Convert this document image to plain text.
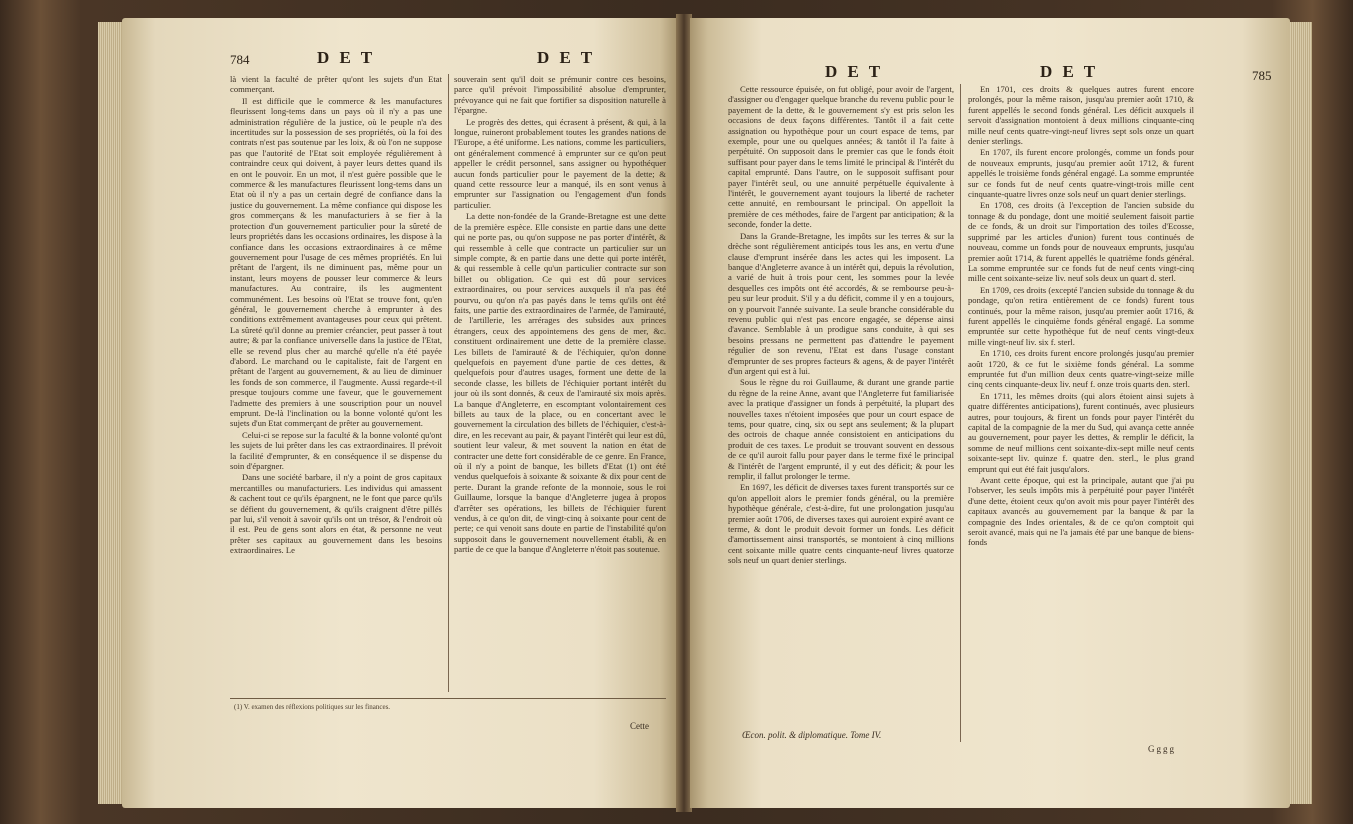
784	D E T	D E T

là vient la faculté de prêter qu'ont les sujets d'un Etat commerçant.

Il est difficile que le commerce & les manufactures fleurissent long-tems dans un pays où il n'y a pas une administration régulière de la justice, où le peuple n'a des incertitudes sur la possession de ses propriétés, où la foi des contrats n'est pas soutenue par les loix, & où l'on ne suppose pas que l'autorité de l'Etat soit employée régulièrement à contraindre ceux qui doivent, à payer leurs dettes quand ils en ont le pouvoir. En un mot, il n'est guère possible que le commerce & les manufactures fleurissent long-tems dans un Etat où il n'y a pas un certain degré de confiance dans la justice du gouvernement. La même confiance qui dispose les gros commerçans & les manufacturiers à se fier à la protection d'un gouvernement particulier pour la sûreté de leurs propriétés dans les occasions ordinaires, les dispose à la confiance dans les occasions extraordinaires à ce même gouvernement pour l'usage de ces mêmes propriétés. En lui prêtant de l'argent, ils ne diminuent pas, même pour un instant, leurs moyens de pousser leur commerce & leurs manufactures. Au contraire, ils les augmentent communément. Les besoins où l'Etat se trouve font, qu'en général, le gouvernement cherche à emprunter à des conditions extrêmement avantageuses pour ceux qui prêtent. La sûreté qu'il donne au premier créancier, peut passer à tout autre; & par la confiance universelle dans la justice de l'Etat, elle se revend plus cher au marché qu'elle n'a été payée d'abord. Le marchand ou le capitaliste, fait de l'argent en prêtant de l'argent au gouvernement, & au lieu de diminuer les fonds de son commerce, il l'augmente. Aussi regarde-t-il presque toujours comme une faveur, que le gouvernement l'admette des premiers à une souscription pour un nouvel emprunt. De-là l'inclination ou la bonne volonté qu'ont les sujets d'un Etat commerçant de prêter au gouvernement.

Celui-ci se repose sur la faculté & la bonne volonté qu'ont les sujets de lui prêter dans les cas extraordinaires. Il prévoit la facilité d'emprunter, & en conséquence il se dispense du soin d'épargner.

Dans une société barbare, il n'y a point de gros capitaux mercantilles ou manufacturiers. Les individus qui amassent & cachent tout ce qu'ils épargnent, ne le font que parce qu'ils se défient du gouvernement, & qu'ils craignent d'être pillés par lui, s'il venoit à savoir qu'ils ont un trésor, & l'endroit où il est. Peu de gens sont alors en état, & personne ne veut prêter ses capitaux au gouvernement dans les besoins extraordinaires. Le

souverain sent qu'il doit se prémunir contre ces besoins, parce qu'il prévoit l'impossibilité absolue d'emprunter, prévoyance qui ne fait que fortifier sa disposition naturelle à l'épargne.

Le progrès des dettes, qui écrasent à présent, & qui, à la longue, ruineront probablement toutes les grandes nations de l'Europe, a été uniforme. Les nations, comme les particuliers, ont généralement commencé à emprunter sur ce qu'on peut appeller le crédit personnel, sans assigner ou hypothéquer aucun fonds particulier pour le payement de la dette; & quand cette ressource leur a manqué, ils en sont venus à emprunter sur l'assignation ou l'engagement d'un fonds particulier.

La dette non-fondée de la Grande-Bretagne est une dette de la première espèce. Elle consiste en partie dans une dette qui ne porte pas, ou qu'on suppose ne pas porter d'intérêt, & qui ressemble à celle que contracte un particulier sur un simple compte, & en partie dans une dette qui porte intérêt, & qui ressemble à celle qu'un particulier contracte sur son billet ou obligation. Ce qui est dû pour services extraordinaires, ou pour services auxquels il n'a pas été pourvu, ou qu'on n'a pas payés dans le tems qu'ils ont été faits, une partie des extraordinaires de l'armée, de l'amirauté, de l'artillerie, les arrérages des subsides aux princes étrangers, ceux des appointemens des gens de mer, &c. constituent ordinairement une dette de la première classe. Les billets de l'amirauté & de l'échiquier, qu'on donne quelquefois en payement d'une partie de ces dettes, & quelquefois pour d'autres usages, forment une dette de la seconde classe, les billets de l'échiquier portant intérêt du jour où ils sont donnés, & ceux de l'amirauté six mois après. La banque d'Angleterre, en escomptant volontairement ces billets au taux de la place, ou en concertant avec le gouvernement la circulation des billets de l'échiquier, c'est-à-dire, en les recevant au pair, & payant l'intérêt qui leur est dû, soutient leur valeur, & met souvent la nation en état de contracter une dette fort considérable de ce genre. En France, où il n'y a point de banque, les billets d'Etat (1) ont été vendus quelquefois à soixante & soixante & dix pour cent de perte. Durant la grande refonte de la monnoie, sous le roi Guillaume, lorsque la banque d'Angleterre jugea à propos d'arrêter ses opérations, les billets de l'échiquier furent vendus, à ce qu'on dit, de vingt-cinq à soixante pour cent de perte; ce qui venoit sans doute en partie de l'instabilité qu'on supposoit dans le gouvernement nouvellement établi, & en partie de ce que la banque d'Angleterre n'étoit pas soutenue.

(1) V. examen des réflexions politiques sur les finances.
Cette
D E T	D E T	785

Cette ressource épuisée, on fut obligé, pour avoir de l'argent, d'assigner ou d'engager quelque branche du revenu public pour le payement de la dette, & le gouvernement s'y est pris selon les occasions de deux façons différentes. Tantôt il a fait cette assignation ou hypothèque pour un court espace de tems, par exemple, pour une ou quelques années; & tantôt il l'a faite à perpétuité. On supposoit dans le premier cas que le fonds étoit suffisant pour payer dans le tems limité le principal & l'intérêt du capital emprunté. Dans l'autre, on le supposoit suffisant pour payer l'intérêt seul, ou une annuité perpétuelle équivalente à l'intérêt, le gouvernement ayant toujours la liberté de racheter cette annuité, en remboursant le principal. On appelloit la première de ces méthodes, faire de l'argent par anticipation; & la seconde, fonder la dette.

Dans la Grande-Bretagne, les impôts sur les terres & sur la drèche sont régulièrement anticipés tous les ans, en vertu d'une clause d'emprunt insérée dans les actes qui les imposent. La banque d'Angleterre avance à un intérêt qui, depuis la révolution, a varié de huit à trois pour cent, les sommes pour la levée desquelles ces impôts ont été accordés, & se rembourse peu-à-peu sur leur produit. S'il y a du déficit, comme il y en a toujours, on y pourvoit l'année suivante. La seule branche considérable du revenu public qui n'est pas encore engagée, se dépense ainsi d'avance. Semblable à un prodigue sans conduite, à qui ses besoins pressans ne permettent pas d'attendre le payement régulier de son revenu, l'Etat est dans l'usage constant d'emprunter de ses propres facteurs & agens, & de payer l'intérêt d'un argent qui est à lui.

Sous le règne du roi Guillaume, & durant une grande partie du règne de la reine Anne, avant que l'Angleterre fut familiarisée avec la pratique d'assigner un fonds à perpétuité, la plupart des nouvelles taxes n'étoient imposées que pour un court espace de tems, pour quatre, cinq, six ou sept ans seulement; & la plupart des octrois de chaque année consistoient en anticipations du produit de ces taxes. Le produit se trouvant souvent en dessous de ce qu'il auroit fallu pour payer dans le terme fixé le principal & l'intérêt de l'argent emprunté, il y eut des déficit; & pour les remplir, il fallut prolonger le terme.

En 1697, les déficit de diverses taxes furent transportés sur ce qu'on appelloit alors le premier fonds général, ou la première hypothèque générale, c'est-à-dire, fut une prolongation jusqu'au premier août 1706, de diverses taxes qui auroient expiré avant ce terme, & dont le produit devoit former un fonds. Les déficit d'amortissement ainsi transportés, se montoient à cinq millions cent soixante mille quatre cents cinquante-neuf livres quatorze sols neuf un quart denier sterlings.

En 1701, ces droits & quelques autres furent encore prolongés, pour la même raison, jusqu'au premier août 1710, & furent appellés le second fonds général. Les déficit auxquels il servoit d'assignation montoient à deux millions cinquante-cinq mille neuf cents quatre-vingt-neuf livres sept sols onze un quart denier sterlings.

En 1707, ils furent encore prolongés, comme un fonds pour de nouveaux emprunts, jusqu'au premier août 1712, & furent appellés le troisième fonds général engagé. La somme empruntée sur ce fonds fut de neuf cents quatre-vingt-trois mille cent cinquante-quatre livres onze sols neuf un quart denier sterlings.

En 1708, ces droits (à l'exception de l'ancien subside du tonnage & du pondage, dont une moitié seulement faisoit partie de ce fonds, & un droit sur l'importation des toiles d'Ecosse, supprimé par les articles d'union) furent tous continués de nouveau, comme un fonds pour de nouveaux emprunts, jusqu'au premier août 1714, & furent appellés le quatrième fonds général. La somme empruntée sur ce fonds fut de neuf cents vingt-cinq mille cent soixante-seize liv. neuf sols deux un quart d. sterl.

En 1709, ces droits (excepté l'ancien subside du tonnage & du pondage, qu'on retira entièrement de ce fonds) furent tous continués, pour la même raison, jusqu'au premier août 1716, & furent appellés le cinquième fonds général engagé. La somme empruntée sur cette hypothèque fut de neuf cents vingt-deux mille vingt-neuf liv. six f. sterl.

En 1710, ces droits furent encore prolongés jusqu'au premier août 1720, & ce fut le sixième fonds général. La somme empruntée fut d'un million deux cents quatre-vingt-seize mille cinq cents cinquante-deux liv. neuf f. onze trois quarts den. sterl.

En 1711, les mêmes droits (qui alors étoient ainsi sujets à quatre différentes anticipations), furent continués, avec plusieurs autres, pour toujours, & firent un fonds pour payer l'intérêt du capital de la compagnie de la mer du Sud, qui avança cette année au gouvernement, pour payer les dettes, & remplir le déficit, la somme de neuf millions cent soixante-dix-sept mille neuf cents soixante-sept liv. quinze f. quatre den. sterl., le plus grand emprunt qui eut été fait jusqu'alors.

Avant cette époque, qui est la principale, autant que j'ai pu l'observer, les seuls impôts mis à perpétuité pour payer l'intérêt d'une dette, étoient ceux qu'on avoit mis pour payer l'intérêt des capitaux avancés au gouvernement par la banque & par la compagnie des Indes orientales, & de ce qu'on comptoit qui seroit avancé, mais qui ne l'a jamais été par une banque de biens-fonds

Œcon. polit. & diplomatique. Tome IV.
Gggg
